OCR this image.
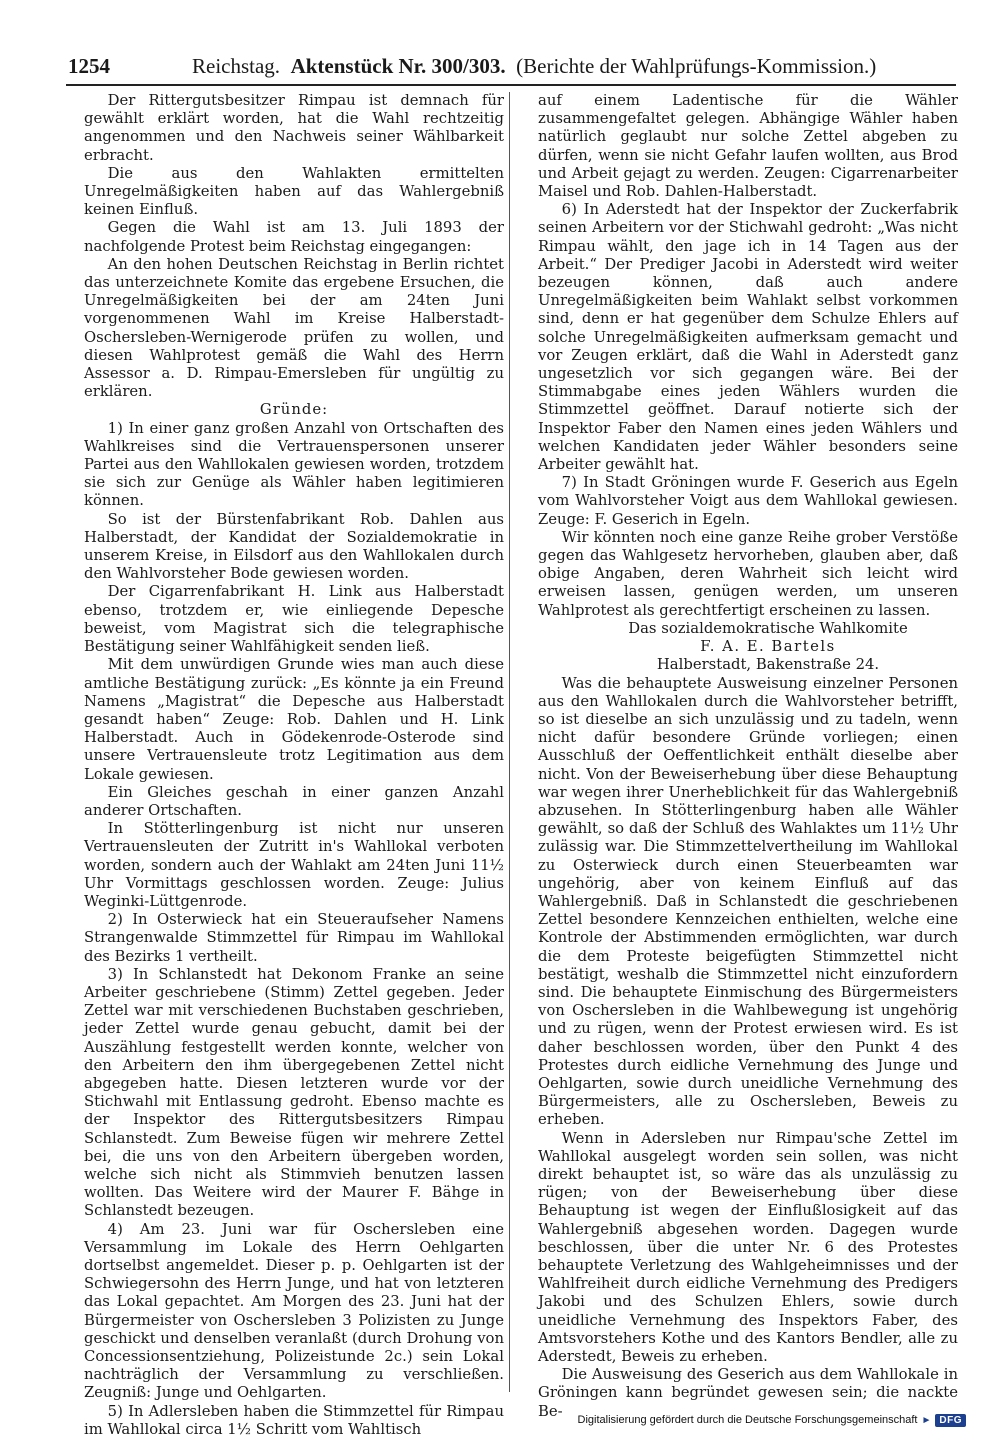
1254	Reichstag. Aktenstück Nr. 300/303. (Berichte der Wahlprüfungs-Kommission.)

Der Rittergutsbesitzer Rimpau ist demnach für gewählt erklärt worden, hat die Wahl rechtzeitig angenommen und den Nachweis seiner Wählbarkeit erbracht.

Die aus den Wahlakten ermittelten Unregelmäßigkeiten haben auf das Wahlergebniß keinen Einfluß.

Gegen die Wahl ist am 13. Juli 1893 der nachfolgende Protest beim Reichstag eingegangen:

An den hohen Deutschen Reichstag in Berlin richtet das unterzeichnete Komite das ergebene Ersuchen, die Unregelmäßigkeiten bei der am 24ten Juni vorgenommenen Wahl im Kreise Halberstadt-Oschersleben-Wernigerode prüfen zu wollen, und diesen Wahlprotest gemäß die Wahl des Herrn Assessor a. D. Rimpau-Emersleben für ungültig zu erklären.

Gründe:

1) In einer ganz großen Anzahl von Ortschaften des Wahlkreises sind die Vertrauenspersonen unserer Partei aus den Wahllokalen gewiesen worden, trotzdem sie sich zur Genüge als Wähler haben legitimieren können.

So ist der Bürstenfabrikant Rob. Dahlen aus Halberstadt, der Kandidat der Sozialdemokratie in unserem Kreise, in Eilsdorf aus den Wahllokalen durch den Wahlvorsteher Bode gewiesen worden.

Der Cigarrenfabrikant H. Link aus Halberstadt ebenso, trotzdem er, wie einliegende Depesche beweist, vom Magistrat sich die telegraphische Bestätigung seiner Wahlfähigkeit senden ließ.

Mit dem unwürdigen Grunde wies man auch diese amtliche Bestätigung zurück: „Es könnte ja ein Freund Namens „Magistrat“ die Depesche aus Halberstadt gesandt haben“ Zeuge: Rob. Dahlen und H. Link Halberstadt. Auch in Gödekenrode-Osterode sind unsere Vertrauensleute trotz Legitimation aus dem Lokale gewiesen.

Ein Gleiches geschah in einer ganzen Anzahl anderer Ortschaften.

In Stötterlingenburg ist nicht nur unseren Vertrauensleuten der Zutritt in's Wahllokal verboten worden, sondern auch der Wahlakt am 24ten Juni 11½ Uhr Vormittags geschlossen worden. Zeuge: Julius Weginki-Lüttgenrode.

2) In Osterwieck hat ein Steueraufseher Namens Strangenwalde Stimmzettel für Rimpau im Wahllokal des Bezirks 1 vertheilt.

3) In Schlanstedt hat Dekonom Franke an seine Arbeiter geschriebene (Stimm) Zettel gegeben. Jeder Zettel war mit verschiedenen Buchstaben geschrieben, jeder Zettel wurde genau gebucht, damit bei der Auszählung festgestellt werden konnte, welcher von den Arbeitern den ihm übergegebenen Zettel nicht abgegeben hatte. Diesen letzteren wurde vor der Stichwahl mit Entlassung gedroht. Ebenso machte es der Inspektor des Rittergutsbesitzers Rimpau Schlanstedt. Zum Beweise fügen wir mehrere Zettel bei, die uns von den Arbeitern übergeben worden, welche sich nicht als Stimmvieh benutzen lassen wollten. Das Weitere wird der Maurer F. Bähge in Schlanstedt bezeugen.

4) Am 23. Juni war für Oschersleben eine Versammlung im Lokale des Herrn Oehlgarten dortselbst angemeldet. Dieser p. p. Oehlgarten ist der Schwiegersohn des Herrn Junge, und hat von letzteren das Lokal gepachtet. Am Morgen des 23. Juni hat der Bürgermeister von Oschersleben 3 Polizisten zu Junge geschickt und denselben veranlaßt (durch Drohung von Concessionsentziehung, Polizeistunde 2c.) sein Lokal nachträglich der Versammlung zu verschließen. Zeugniß: Junge und Oehlgarten.

5) In Adlersleben haben die Stimmzettel für Rimpau im Wahllokal circa 1½ Schritt vom Wahltisch

auf einem Ladentische für die Wähler zusammengefaltet gelegen. Abhängige Wähler haben natürlich geglaubt nur solche Zettel abgeben zu dürfen, wenn sie nicht Gefahr laufen wollten, aus Brod und Arbeit gejagt zu werden. Zeugen: Cigarrenarbeiter Maisel und Rob. Dahlen-Halberstadt.

6) In Aderstedt hat der Inspektor der Zuckerfabrik seinen Arbeitern vor der Stichwahl gedroht: „Was nicht Rimpau wählt, den jage ich in 14 Tagen aus der Arbeit.“ Der Prediger Jacobi in Aderstedt wird weiter bezeugen können, daß auch andere Unregelmäßigkeiten beim Wahlakt selbst vorkommen sind, denn er hat gegenüber dem Schulze Ehlers auf solche Unregelmäßigkeiten aufmerksam gemacht und vor Zeugen erklärt, daß die Wahl in Aderstedt ganz ungesetzlich vor sich gegangen wäre. Bei der Stimmabgabe eines jeden Wählers wurden die Stimmzettel geöffnet. Darauf notierte sich der Inspektor Faber den Namen eines jeden Wählers und welchen Kandidaten jeder Wähler besonders seine Arbeiter gewählt hat.

7) In Stadt Gröningen wurde F. Geserich aus Egeln vom Wahlvorsteher Voigt aus dem Wahllokal gewiesen. Zeuge: F. Geserich in Egeln.

Wir könnten noch eine ganze Reihe grober Verstöße gegen das Wahlgesetz hervorheben, glauben aber, daß obige Angaben, deren Wahrheit sich leicht wird erweisen lassen, genügen werden, um unseren Wahlprotest als gerechtfertigt erscheinen zu lassen.

Das sozialdemokratische Wahlkomite

F. A. E. Bartels

Halberstadt, Bakenstraße 24.

Was die behauptete Ausweisung einzelner Personen aus den Wahllokalen durch die Wahlvorsteher betrifft, so ist dieselbe an sich unzulässig und zu tadeln, wenn nicht dafür besondere Gründe vorliegen; einen Ausschluß der Oeffentlichkeit enthält dieselbe aber nicht. Von der Beweiserhebung über diese Behauptung war wegen ihrer Unerheblichkeit für das Wahlergebniß abzusehen. In Stötterlingenburg haben alle Wähler gewählt, so daß der Schluß des Wahlaktes um 11½ Uhr zulässig war. Die Stimmzettelvertheilung im Wahllokal zu Osterwieck durch einen Steuerbeamten war ungehörig, aber von keinem Einfluß auf das Wahlergebniß. Daß in Schlanstedt die geschriebenen Zettel besondere Kennzeichen enthielten, welche eine Kontrole der Abstimmenden ermöglichten, war durch die dem Proteste beigefügten Stimmzettel nicht bestätigt, weshalb die Stimmzettel nicht einzufordern sind. Die behauptete Einmischung des Bürgermeisters von Oschersleben in die Wahlbewegung ist ungehörig und zu rügen, wenn der Protest erwiesen wird. Es ist daher beschlossen worden, über den Punkt 4 des Protestes durch eidliche Vernehmung des Junge und Oehlgarten, sowie durch uneidliche Vernehmung des Bürgermeisters, alle zu Oschersleben, Beweis zu erheben.

Wenn in Adersleben nur Rimpau'sche Zettel im Wahllokal ausgelegt worden sein sollen, was nicht direkt behauptet ist, so wäre das als unzulässig zu rügen; von der Beweiserhebung über diese Behauptung ist wegen der Einflußlosigkeit auf das Wahlergebniß abgesehen worden. Dagegen wurde beschlossen, über die unter Nr. 6 des Protestes behauptete Verletzung des Wahlgeheimnisses und der Wahlfreiheit durch eidliche Vernehmung des Predigers Jakobi und des Schulzen Ehlers, sowie durch uneidliche Vernehmung des Inspektors Faber, des Amtsvorstehers Kothe und des Kantors Bendler, alle zu Aderstedt, Beweis zu erheben.

Die Ausweisung des Geserich aus dem Wahllokale in Gröningen kann begründet gewesen sein; die nackte Be-

Digitalisierung gefördert durch die Deutsche Forschungsgemeinschaft ► DFG
